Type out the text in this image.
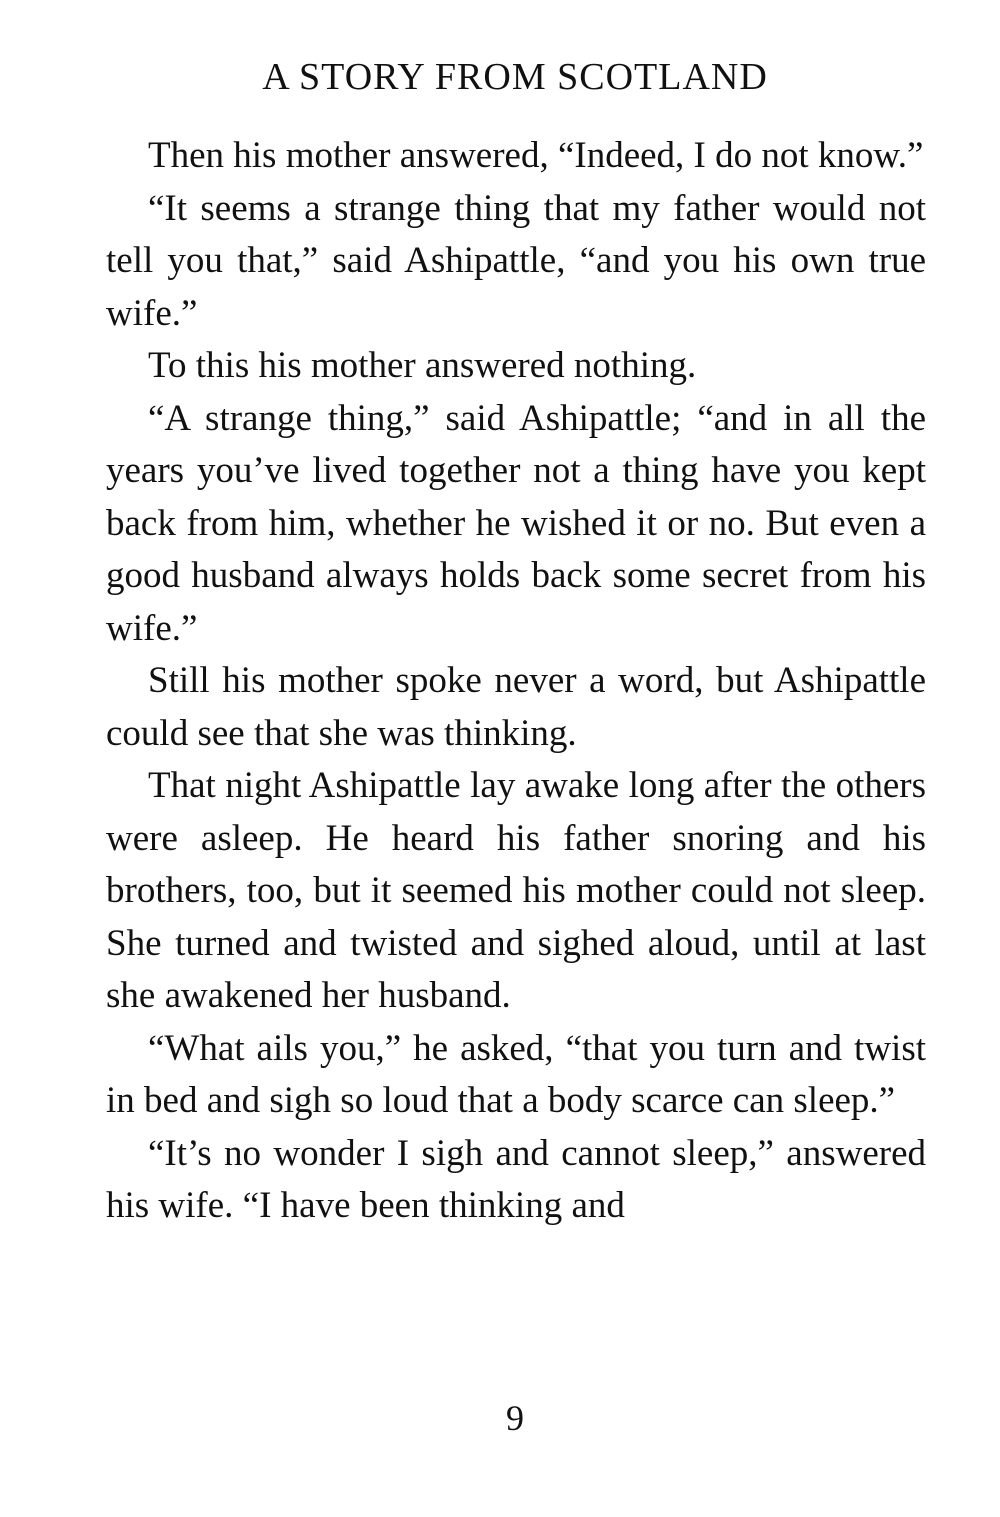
A STORY FROM SCOTLAND

Then his mother answered, “Indeed, I do not know.”

“It seems a strange thing that my father would not tell you that,” said Ashipattle, “and you his own true wife.”

To this his mother answered nothing.

“A strange thing,” said Ashipattle; “and in all the years you’ve lived together not a thing have you kept back from him, whether he wished it or no. But even a good husband always holds back some secret from his wife.”

Still his mother spoke never a word, but Ashipattle could see that she was thinking.

That night Ashipattle lay awake long after the others were asleep. He heard his father snoring and his brothers, too, but it seemed his mother could not sleep. She turned and twisted and sighed aloud, until at last she awakened her husband.

“What ails you,” he asked, “that you turn and twist in bed and sigh so loud that a body scarce can sleep.”

“It’s no wonder I sigh and cannot sleep,” answered his wife. “I have been thinking and

9
